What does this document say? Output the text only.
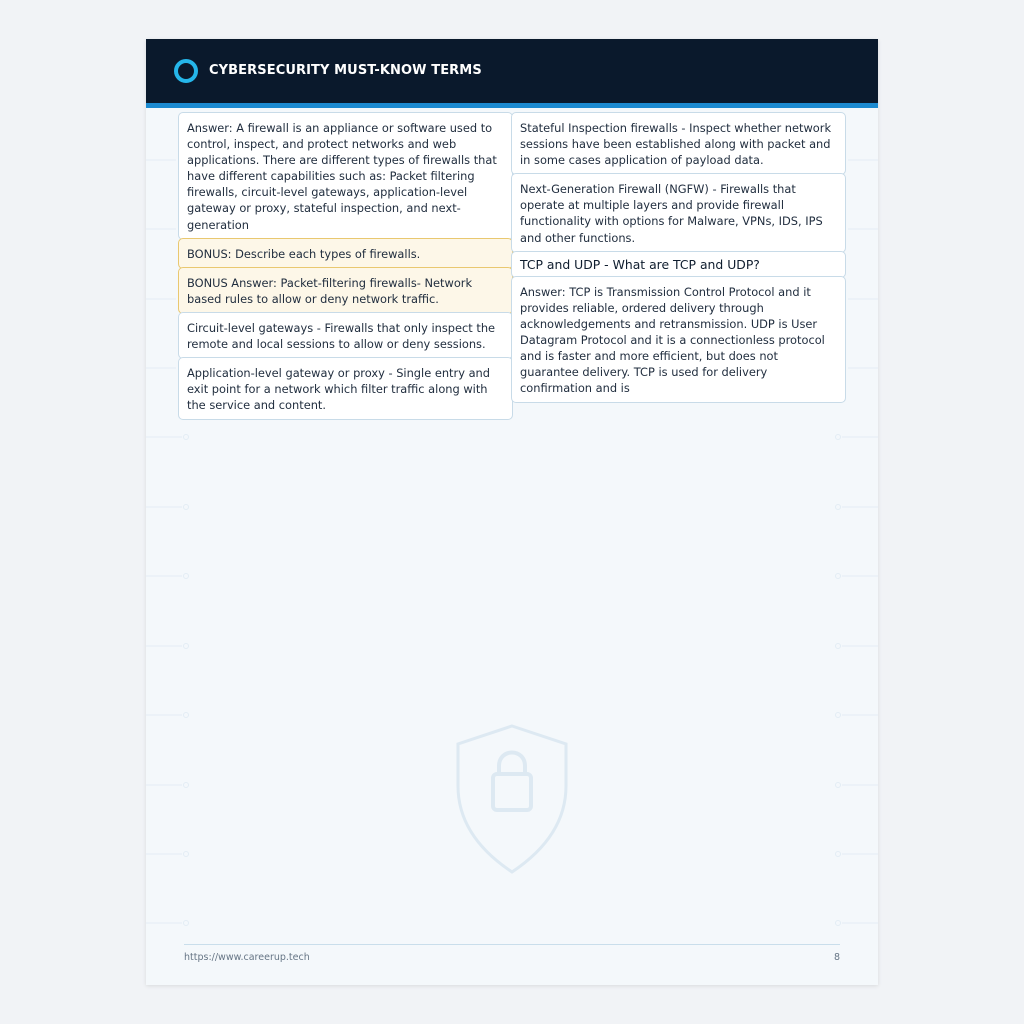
CYBERSECURITY MUST-KNOW TERMS
Answer: A firewall is an appliance or software used to control, inspect, and protect networks and web applications. There are different types of firewalls that have different capabilities such as: Packet filtering firewalls, circuit-level gateways, application-level gateway or proxy, stateful inspection, and next-generation
BONUS: Describe each types of firewalls.
BONUS Answer: Packet-filtering firewalls- Network based rules to allow or deny network traffic.
Circuit-level gateways - Firewalls that only inspect the remote and local sessions to allow or deny sessions.
Application-level gateway or proxy - Single entry and exit point for a network which filter traffic along with the service and content.
Stateful Inspection firewalls - Inspect whether network sessions have been established along with packet and in some cases application of payload data.
Next-Generation Firewall (NGFW) - Firewalls that operate at multiple layers and provide firewall functionality with options for Malware, VPNs, IDS, IPS and other functions.
TCP and UDP - What are TCP and UDP?
Answer: TCP is Transmission Control Protocol and it provides reliable, ordered delivery through acknowledgements and retransmission. UDP is User Datagram Protocol and it is a connectionless protocol and is faster and more efficient, but does not guarantee delivery. TCP is used for delivery confirmation and is
https://www.careerup.tech	8
